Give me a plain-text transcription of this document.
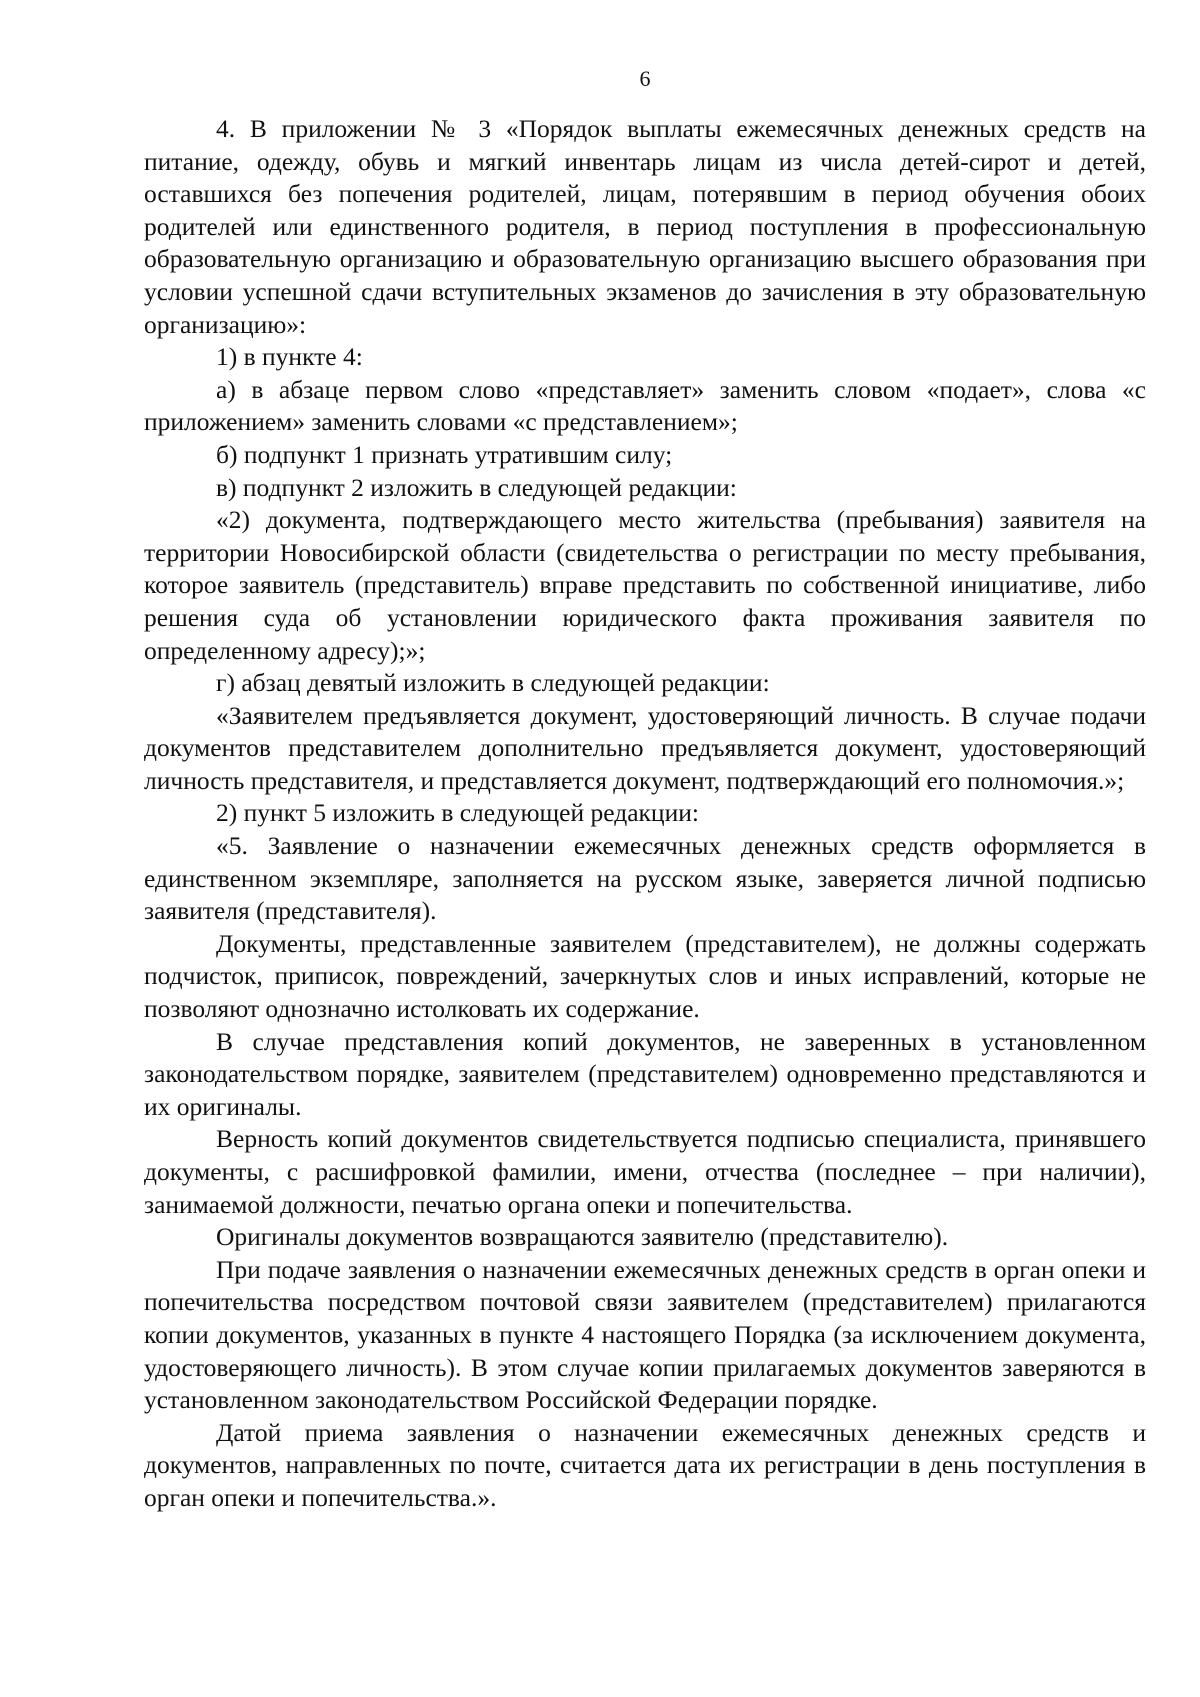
6

4. В приложении № 3 «Порядок выплаты ежемесячных денежных средств на питание, одежду, обувь и мягкий инвентарь лицам из числа детей-сирот и детей, оставшихся без попечения родителей, лицам, потерявшим в период обучения обоих родителей или единственного родителя, в период поступления в профессиональную образовательную организацию и образовательную организацию высшего образования при условии успешной сдачи вступительных экзаменов до зачисления в эту образовательную организацию»:

1) в пункте 4:

а) в абзаце первом слово «представляет» заменить словом «подает», слова «с приложением» заменить словами «с представлением»;

б) подпункт 1 признать утратившим силу;

в) подпункт 2 изложить в следующей редакции:

«2) документа, подтверждающего место жительства (пребывания) заявителя на территории Новосибирской области (свидетельства о регистрации по месту пребывания, которое заявитель (представитель) вправе представить по собственной инициативе, либо решения суда об установлении юридического факта проживания заявителя по определенному адресу);»;

г) абзац девятый изложить в следующей редакции:

«Заявителем предъявляется документ, удостоверяющий личность. В случае подачи документов представителем дополнительно предъявляется документ, удостоверяющий личность представителя, и представляется документ, подтверждающий его полномочия.»;

2) пункт 5 изложить в следующей редакции:

«5. Заявление о назначении ежемесячных денежных средств оформляется в единственном экземпляре, заполняется на русском языке, заверяется личной подписью заявителя (представителя).

Документы, представленные заявителем (представителем), не должны содержать подчисток, приписок, повреждений, зачеркнутых слов и иных исправлений, которые не позволяют однозначно истолковать их содержание.

В случае представления копий документов, не заверенных в установленном законодательством порядке, заявителем (представителем) одновременно представляются и их оригиналы.

Верность копий документов свидетельствуется подписью специалиста, принявшего документы, с расшифровкой фамилии, имени, отчества (последнее – при наличии), занимаемой должности, печатью органа опеки и попечительства.

Оригиналы документов возвращаются заявителю (представителю).

При подаче заявления о назначении ежемесячных денежных средств в орган опеки и попечительства посредством почтовой связи заявителем (представителем) прилагаются копии документов, указанных в пункте 4 настоящего Порядка (за исключением документа, удостоверяющего личность). В этом случае копии прилагаемых документов заверяются в установленном законодательством Российской Федерации порядке.

Датой приема заявления о назначении ежемесячных денежных средств и документов, направленных по почте, считается дата их регистрации в день поступления в орган опеки и попечительства.».
